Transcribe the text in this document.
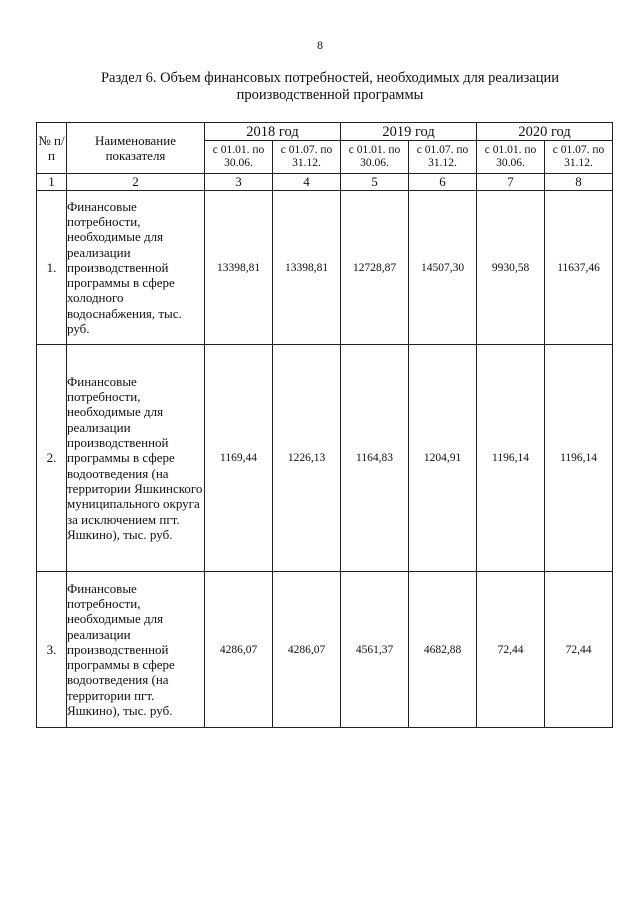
8
Раздел 6. Объем финансовых потребностей, необходимых для реализации
производственной программы
№ п/п	Наименование показателя	2018 год		2019 год		2020 год	
		с 01.01. по 30.06.	с 01.07. по 31.12.	с 01.01. по 30.06.	с 01.07. по 31.12.	с 01.01. по 30.06.	с 01.07. по 31.12.
1	2	3	4	5	6	7	8
1.	Финансовые потребности, необходимые для реализации производственной программы в сфере холодного водоснабжения, тыс. руб.	13398,81	13398,81	12728,87	14507,30	9930,58	11637,46
2.	Финансовые потребности, необходимые для реализации производственной программы в сфере водоотведения (на территории Яшкинского муниципального округа за исключением пгт. Яшкино), тыс. руб.	1169,44	1226,13	1164,83	1204,91	1196,14	1196,14
3.	Финансовые потребности, необходимые для реализации производственной программы в сфере водоотведения (на территории пгт. Яшкино), тыс. руб.	4286,07	4286,07	4561,37	4682,88	72,44	72,44
